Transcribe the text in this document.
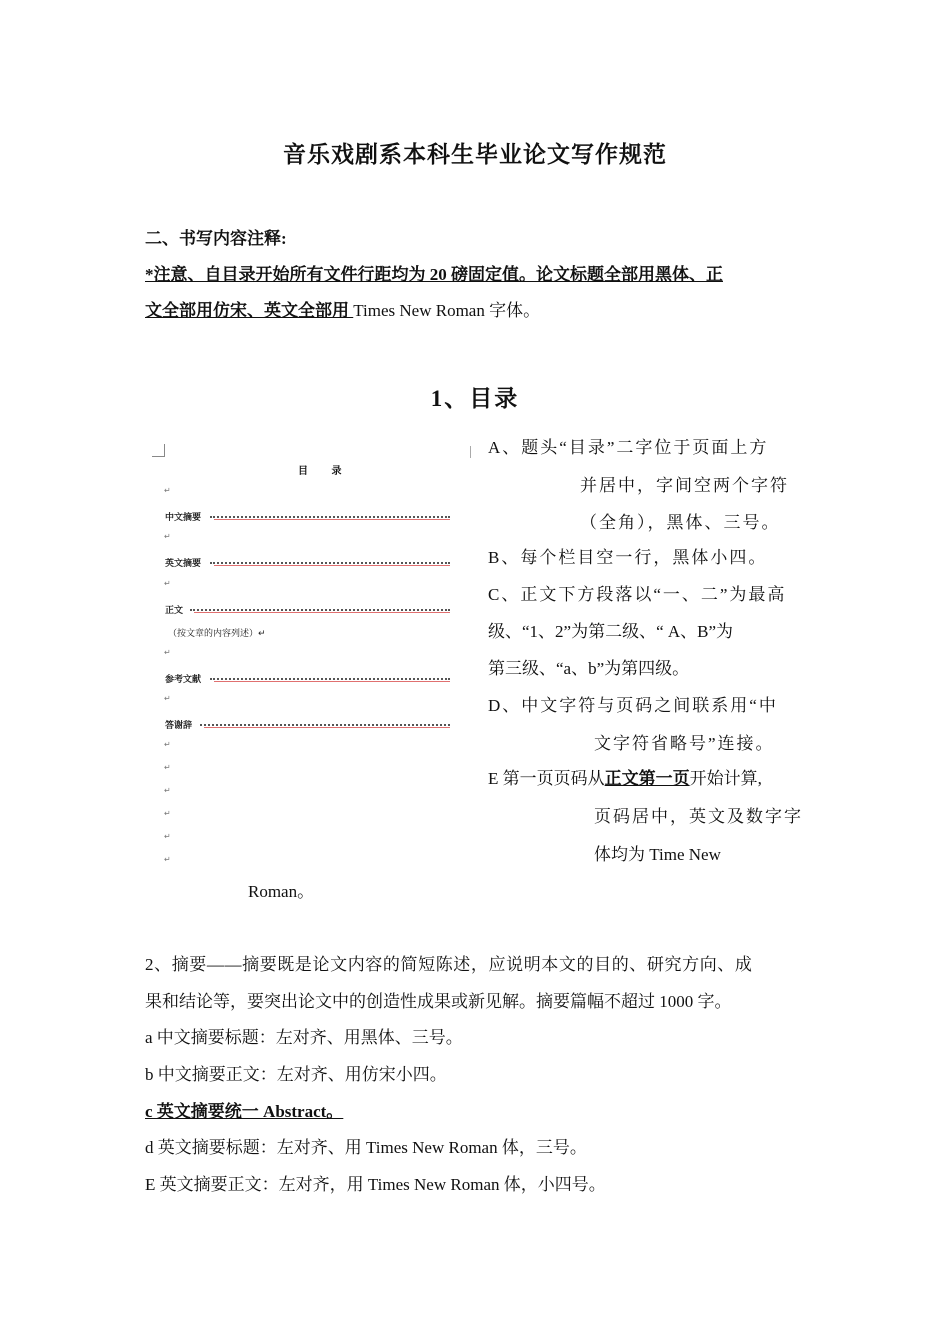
音乐戏剧系本科生毕业论文写作规范
二、书写内容注释:
*注意、自目录开始所有文件行距均为 20 磅固定值。论文标题全部用黑体、正
文全部用仿宋、英文全部用 Times New Roman 字体。
1、目录
目 录
↵
中文摘要
↵
英文摘要
↵
正文
（按文章的内容列述）↵
↵
参考文献
↵
答谢辞
↵
↵
↵
↵
↵
↵
A、题头“目录”二字位于页面上方
并居中，字间空两个字符
（全角），黑体、三号。
B、每个栏目空一行，黑体小四。
C、正文下方段落以“一、二”为最高
级、“1、2”为第二级、“ A、B”为
第三级、“a、b”为第四级。
D、中文字符与页码之间联系用“中
文字符省略号”连接。
E 第一页页码从正文第一页开始计算,
页码居中，英文及数字字
体均为 Time New
Roman。
2、摘要——摘要既是论文内容的简短陈述，应说明本文的目的、研究方向、成
果和结论等，要突出论文中的创造性成果或新见解。摘要篇幅不超过 1000 字。
a 中文摘要标题：左对齐、用黑体、三号。
b 中文摘要正文：左对齐、用仿宋小四。
c 英文摘要统一 Abstract。
d 英文摘要标题：左对齐、用 Times New Roman 体，三号。
E 英文摘要正文：左对齐，用 Times New Roman 体，小四号。
